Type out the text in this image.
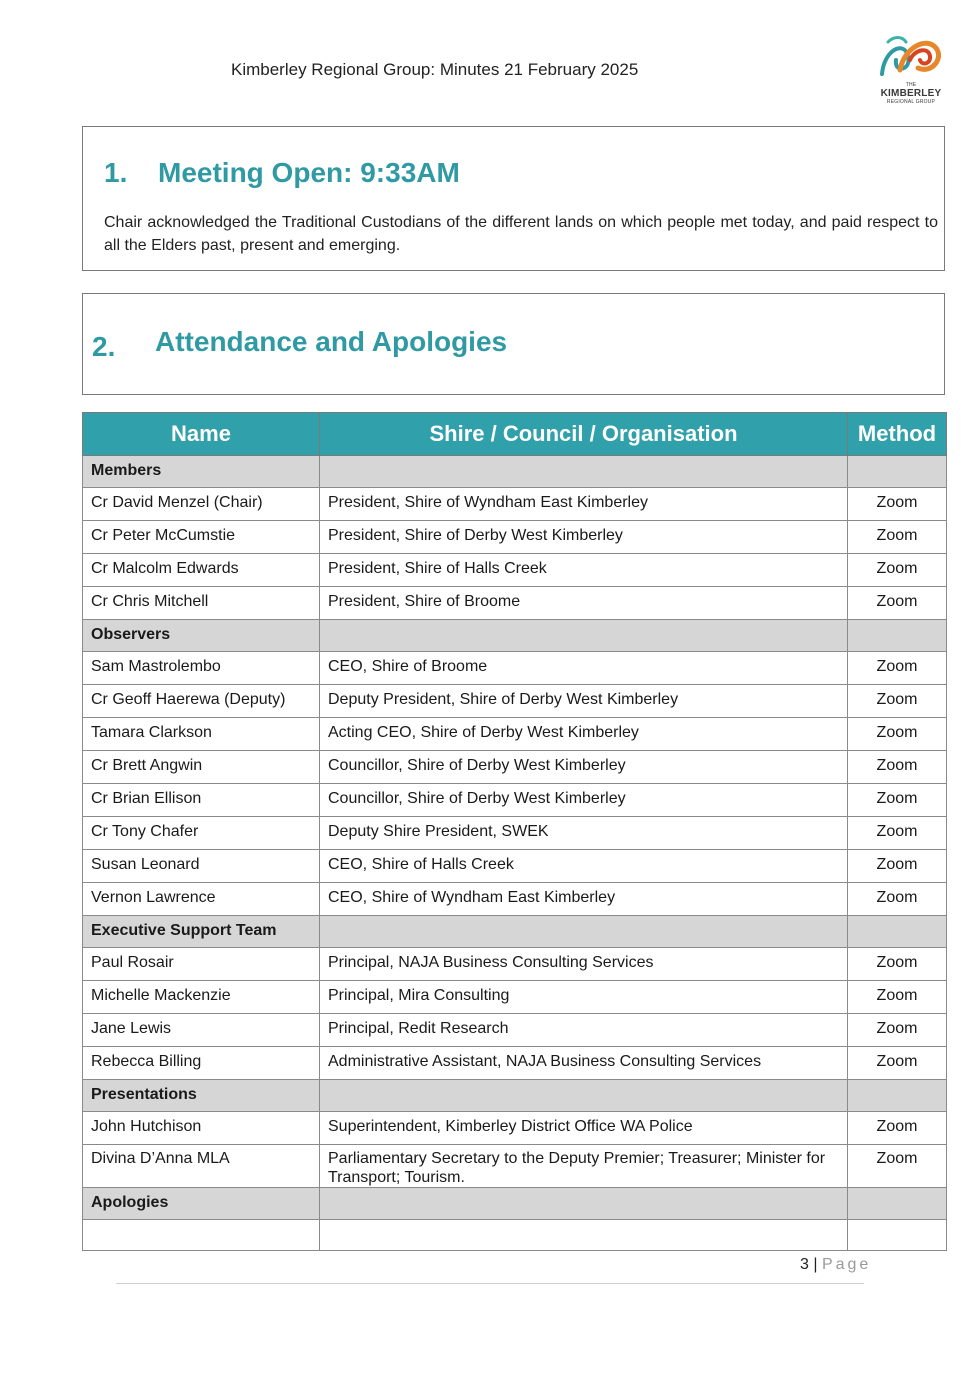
Kimberley Regional Group: Minutes 21 February 2025
THE
KIMBERLEY
REGIONAL GROUP
1. Meeting Open: 9:33AM

Chair acknowledged the Traditional Custodians of the different lands on which people met today, and paid respect to all the Elders past, present and emerging.

2. Attendance and Apologies
Name	Shire / Council / Organisation	Method
Members		
Cr David Menzel (Chair)	President, Shire of Wyndham East Kimberley	Zoom
Cr Peter McCumstie	President, Shire of Derby West Kimberley	Zoom
Cr Malcolm Edwards	President, Shire of Halls Creek	Zoom
Cr Chris Mitchell	President, Shire of Broome	Zoom
Observers		
Sam Mastrolembo	CEO, Shire of Broome	Zoom
Cr Geoff Haerewa (Deputy)	Deputy President, Shire of Derby West Kimberley	Zoom
Tamara Clarkson	Acting CEO, Shire of Derby West Kimberley	Zoom
Cr Brett Angwin	Councillor, Shire of Derby West Kimberley	Zoom
Cr Brian Ellison	Councillor, Shire of Derby West Kimberley	Zoom
Cr Tony Chafer	Deputy Shire President, SWEK	Zoom
Susan Leonard	CEO, Shire of Halls Creek	Zoom
Vernon Lawrence	CEO, Shire of Wyndham East Kimberley	Zoom
Executive Support Team		
Paul Rosair	Principal, NAJA Business Consulting Services	Zoom
Michelle Mackenzie	Principal, Mira Consulting	Zoom
Jane Lewis	Principal, Redit Research	Zoom
Rebecca Billing	Administrative Assistant, NAJA Business Consulting Services	Zoom
Presentations		
John Hutchison	Superintendent, Kimberley District Office WA Police	Zoom
Divina D’Anna MLA	Parliamentary Secretary to the Deputy Premier; Treasurer; Minister for Transport; Tourism.	Zoom
Apologies		

3 | Page
